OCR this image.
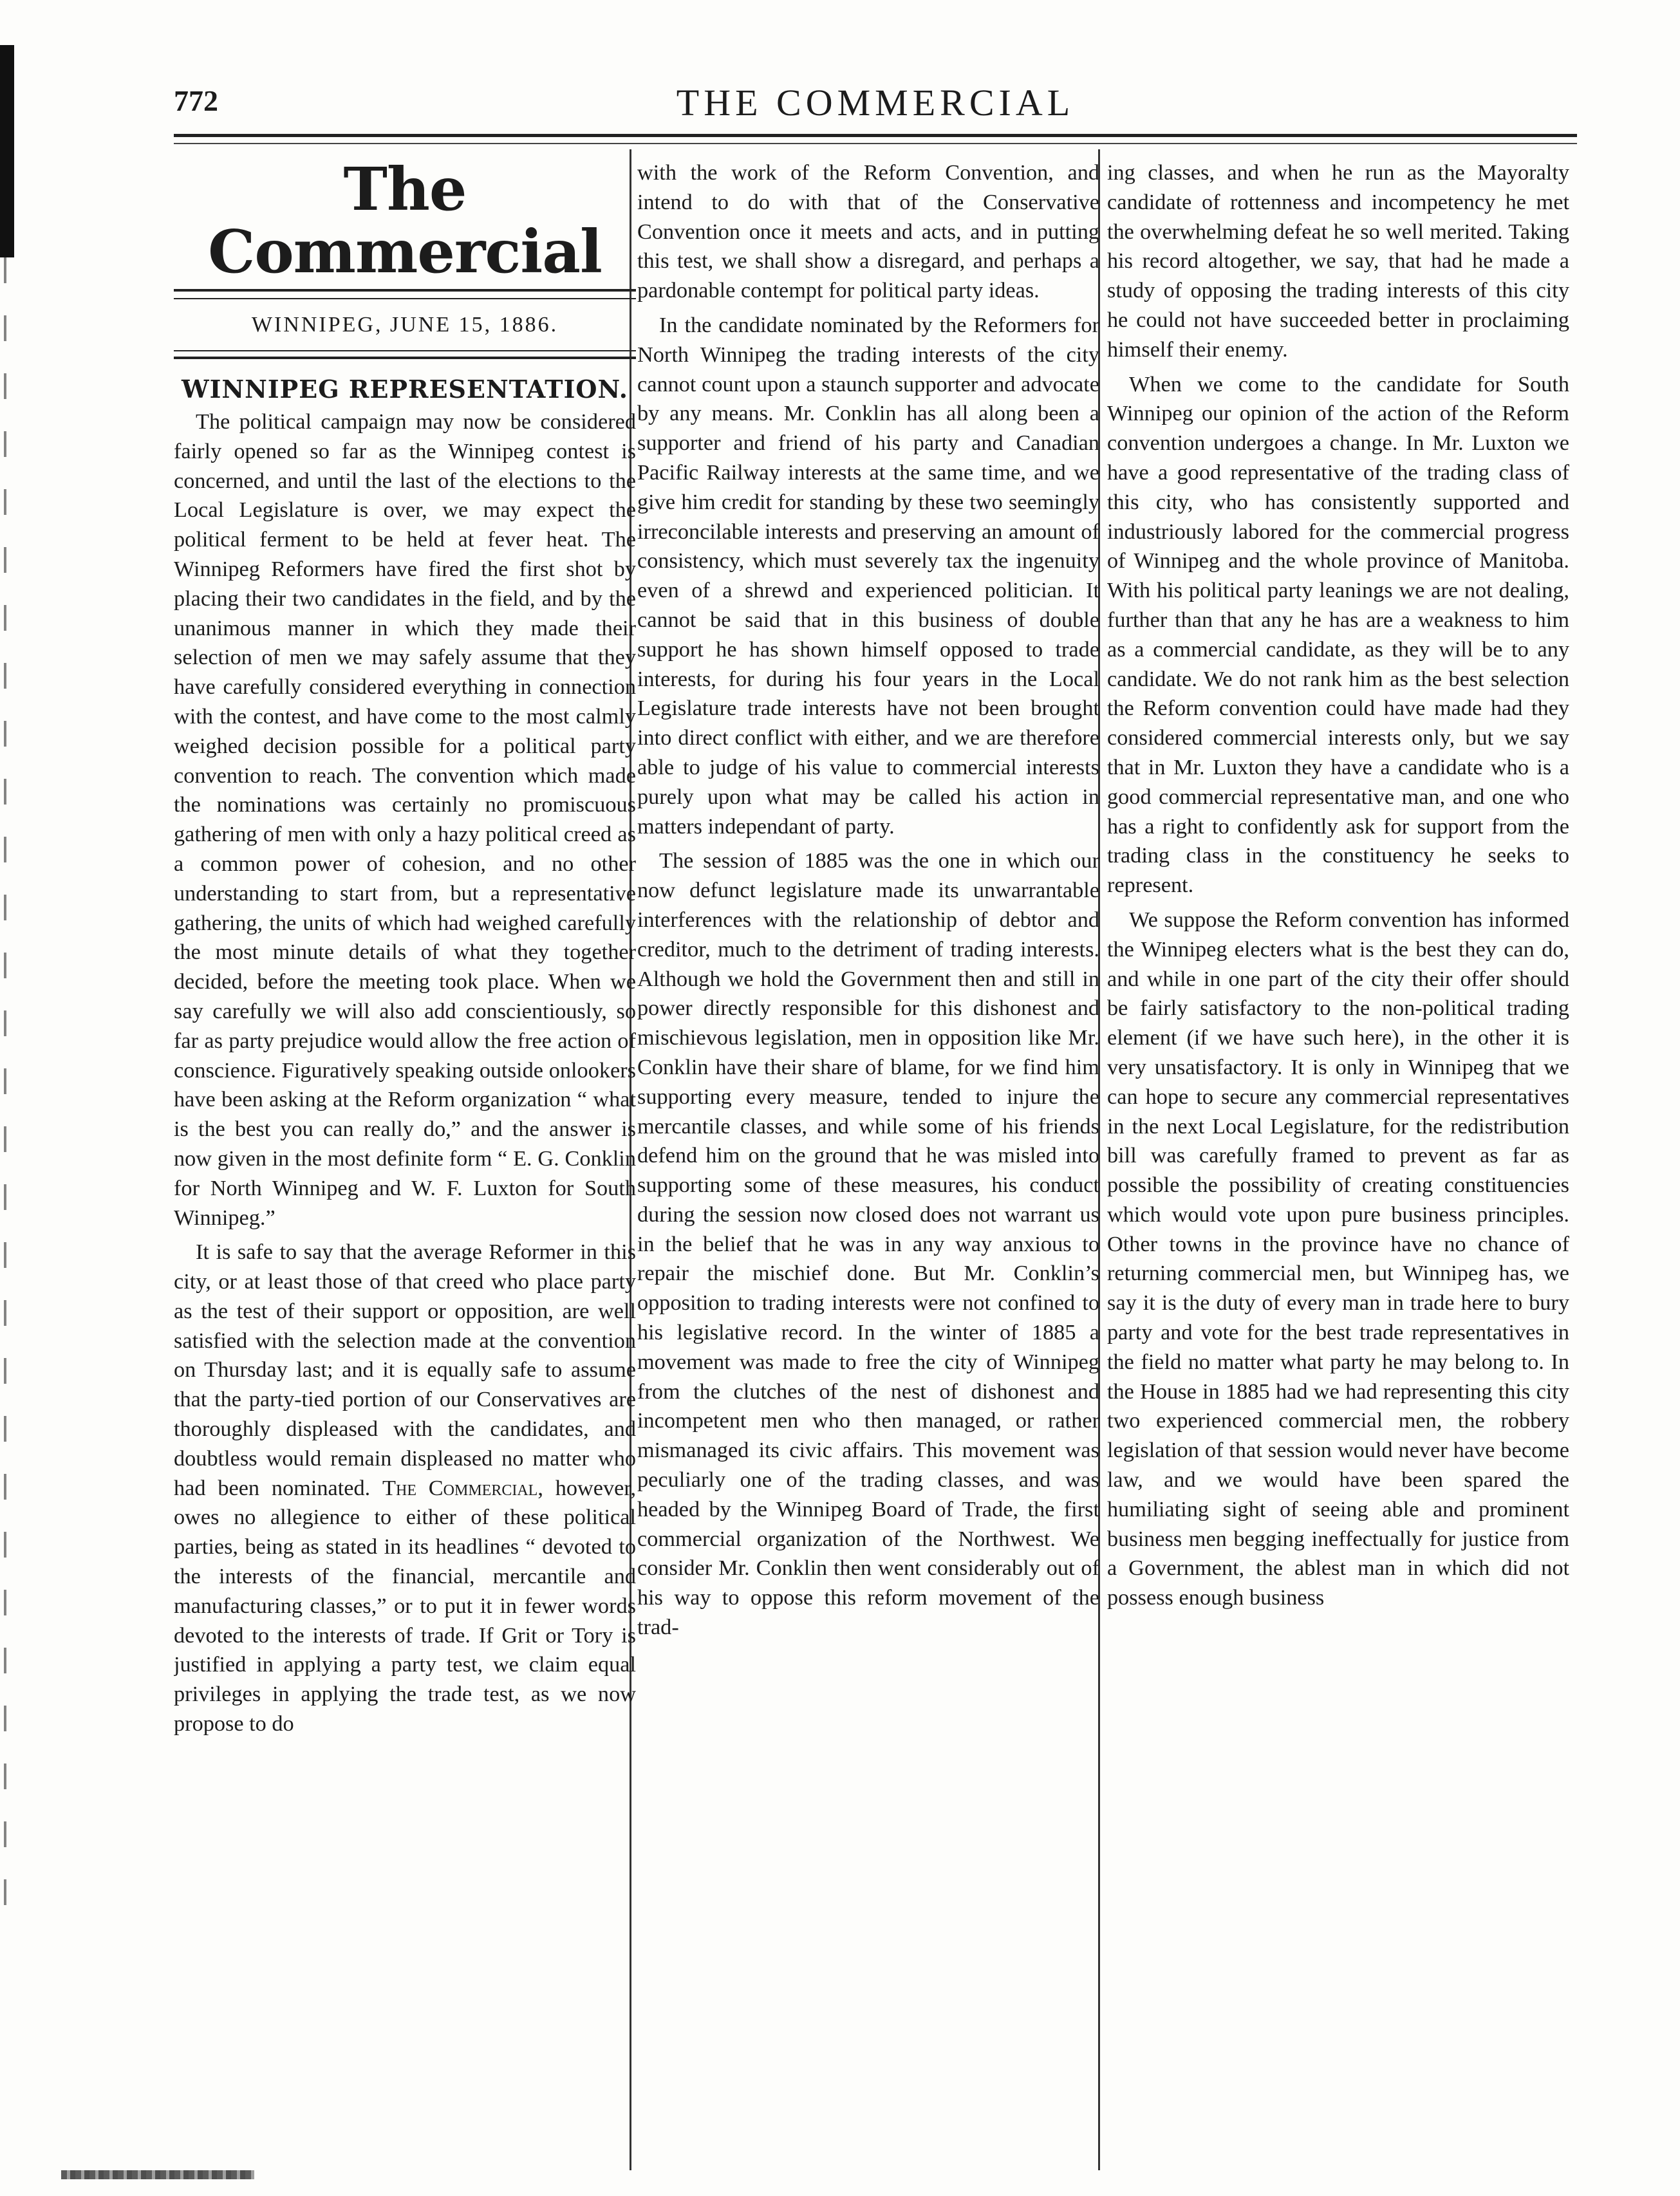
772	THE COMMERCIAL
The Commercial
WINNIPEG, JUNE 15, 1886.
WINNIPEG REPRESENTATION.

The political campaign may now be considered fairly opened so far as the Winnipeg contest is concerned, and until the last of the elections to the Local Legislature is over, we may expect the political ferment to be held at fever heat. The Winnipeg Reformers have fired the first shot by placing their two candidates in the field, and by the unanimous manner in which they made their selection of men we may safely assume that they have carefully considered everything in connection with the contest, and have come to the most calmly weighed decision possible for a political party convention to reach. The convention which made the nominations was certainly no promiscuous gathering of men with only a hazy political creed as a common power of cohesion, and no other understanding to start from, but a representative gathering, the units of which had weighed carefully the most minute details of what they together decided, before the meeting took place. When we say carefully we will also add conscientiously, so far as party prejudice would allow the free action of conscience. Figuratively speaking outside onlookers have been asking at the Reform organization “ what is the best you can really do,” and the answer is now given in the most definite form “ E. G. Conklin for North Winnipeg and W. F. Luxton for South Winnipeg.”

It is safe to say that the average Reformer in this city, or at least those of that creed who place party as the test of their support or opposition, are well satisfied with the selection made at the convention on Thursday last; and it is equally safe to assume that the party-tied portion of our Conservatives are thoroughly displeased with the candidates, and doubtless would remain displeased no matter who had been nominated. The Commercial, however, owes no allegience to either of these political parties, being as stated in its headlines “ devoted to the interests of the financial, mercantile and manufacturing classes,” or to put it in fewer words devoted to the interests of trade. If Grit or Tory is justified in applying a party test, we claim equal privileges in applying the trade test, as we now propose to do

with the work of the Reform Convention, and intend to do with that of the Conservative Convention once it meets and acts, and in putting this test, we shall show a disregard, and perhaps a pardonable contempt for political party ideas.

In the candidate nominated by the Reformers for North Winnipeg the trading interests of the city cannot count upon a staunch supporter and advocate by any means. Mr. Conklin has all along been a supporter and friend of his party and Canadian Pacific Railway interests at the same time, and we give him credit for standing by these two seemingly irreconcilable interests and preserving an amount of consistency, which must severely tax the ingenuity even of a shrewd and experienced politician. It cannot be said that in this business of double support he has shown himself opposed to trade interests, for during his four years in the Local Legislature trade interests have not been brought into direct conflict with either, and we are therefore able to judge of his value to commercial interests purely upon what may be called his action in matters independant of party.

The session of 1885 was the one in which our now defunct legislature made its unwarrantable interferences with the relationship of debtor and creditor, much to the detriment of trading interests. Although we hold the Government then and still in power directly responsible for this dishonest and mischievous legislation, men in opposition like Mr. Conklin have their share of blame, for we find him supporting every measure, tended to injure the mercantile classes, and while some of his friends defend him on the ground that he was misled into supporting some of these measures, his conduct during the session now closed does not warrant us in the belief that he was in any way anxious to repair the mischief done. But Mr. Conklin’s opposition to trading interests were not confined to his legislative record. In the winter of 1885 a movement was made to free the city of Winnipeg from the clutches of the nest of dishonest and incompetent men who then managed, or rather mismanaged its civic affairs. This movement was peculiarly one of the trading classes, and was headed by the Winnipeg Board of Trade, the first commercial organization of the Northwest. We consider Mr. Conklin then went considerably out of his way to oppose this reform movement of the trad-

ing classes, and when he run as the Mayoralty candidate of rottenness and incompetency he met the overwhelming defeat he so well merited. Taking his record altogether, we say, that had he made a study of opposing the trading interests of this city he could not have succeeded better in proclaiming himself their enemy.

When we come to the candidate for South Winnipeg our opinion of the action of the Reform convention undergoes a change. In Mr. Luxton we have a good representative of the trading class of this city, who has consistently supported and industriously labored for the commercial progress of Winnipeg and the whole province of Manitoba. With his political party leanings we are not dealing, further than that any he has are a weakness to him as a commercial candidate, as they will be to any candidate. We do not rank him as the best selection the Reform convention could have made had they considered commercial interests only, but we say that in Mr. Luxton they have a candidate who is a good commercial representative man, and one who has a right to confidently ask for support from the trading class in the constituency he seeks to represent.

We suppose the Reform convention has informed the Winnipeg electers what is the best they can do, and while in one part of the city their offer should be fairly satisfactory to the non-political trading element (if we have such here), in the other it is very unsatisfactory. It is only in Winnipeg that we can hope to secure any commercial representatives in the next Local Legislature, for the redistribution bill was carefully framed to prevent as far as possible the possibility of creating constituencies which would vote upon pure business principles. Other towns in the province have no chance of returning commercial men, but Winnipeg has, we say it is the duty of every man in trade here to bury party and vote for the best trade representatives in the field no matter what party he may belong to. In the House in 1885 had we had representing this city two experienced commercial men, the robbery legislation of that session would never have become law, and we would have been spared the humiliating sight of seeing able and prominent business men begging ineffectually for justice from a Government, the ablest man in which did not possess enough business
